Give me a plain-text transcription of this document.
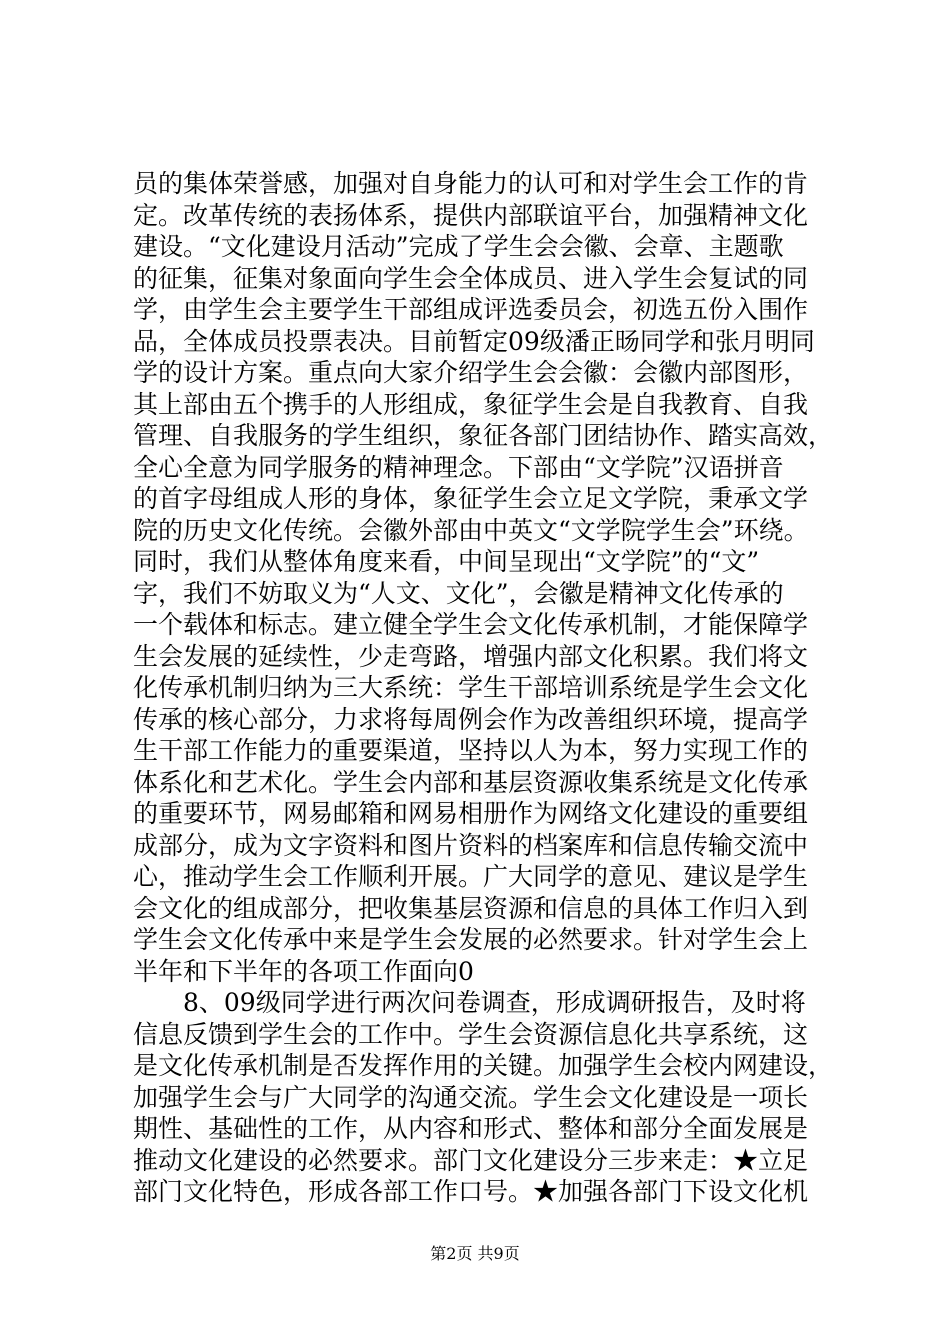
员的集体荣誉感，加强对自身能力的认可和对学生会工作的肯
定。改革传统的表扬体系，提供内部联谊平台，加强精神文化
建设。“文化建设月活动”完成了学生会会徽、会章、主题歌
的征集，征集对象面向学生会全体成员、进入学生会复试的同
学，由学生会主要学生干部组成评选委员会，初选五份入围作
品，全体成员投票表决。目前暂定09级潘正旸同学和张月明同
学的设计方案。重点向大家介绍学生会会徽：会徽内部图形，
其上部由五个携手的人形组成，象征学生会是自我教育、自我
管理、自我服务的学生组织，象征各部门团结协作、踏实高效，
全心全意为同学服务的精神理念。下部由“文学院”汉语拼音
的首字母组成人形的身体，象征学生会立足文学院，秉承文学
院的历史文化传统。会徽外部由中英文“文学院学生会”环绕。
同时，我们从整体角度来看，中间呈现出“文学院”的“文”
字，我们不妨取义为“人文、文化”，会徽是精神文化传承的
一个载体和标志。建立健全学生会文化传承机制，才能保障学
生会发展的延续性，少走弯路，增强内部文化积累。我们将文
化传承机制归纳为三大系统：学生干部培训系统是学生会文化
传承的核心部分，力求将每周例会作为改善组织环境，提高学
生干部工作能力的重要渠道，坚持以人为本，努力实现工作的
体系化和艺术化。学生会内部和基层资源收集系统是文化传承
的重要环节，网易邮箱和网易相册作为网络文化建设的重要组
成部分，成为文字资料和图片资料的档案库和信息传输交流中
心，推动学生会工作顺利开展。广大同学的意见、建议是学生
会文化的组成部分，把收集基层资源和信息的具体工作归入到
学生会文化传承中来是学生会发展的必然要求。针对学生会上
半年和下半年的各项工作面向0
8、09级同学进行两次问卷调查，形成调研报告，及时将
信息反馈到学生会的工作中。学生会资源信息化共享系统，这
是文化传承机制是否发挥作用的关键。加强学生会校内网建设，
加强学生会与广大同学的沟通交流。学生会文化建设是一项长
期性、基础性的工作，从内容和形式、整体和部分全面发展是
推动文化建设的必然要求。部门文化建设分三步来走：★立足
部门文化特色，形成各部工作口号。★加强各部门下设文化机
第2页 共9页
